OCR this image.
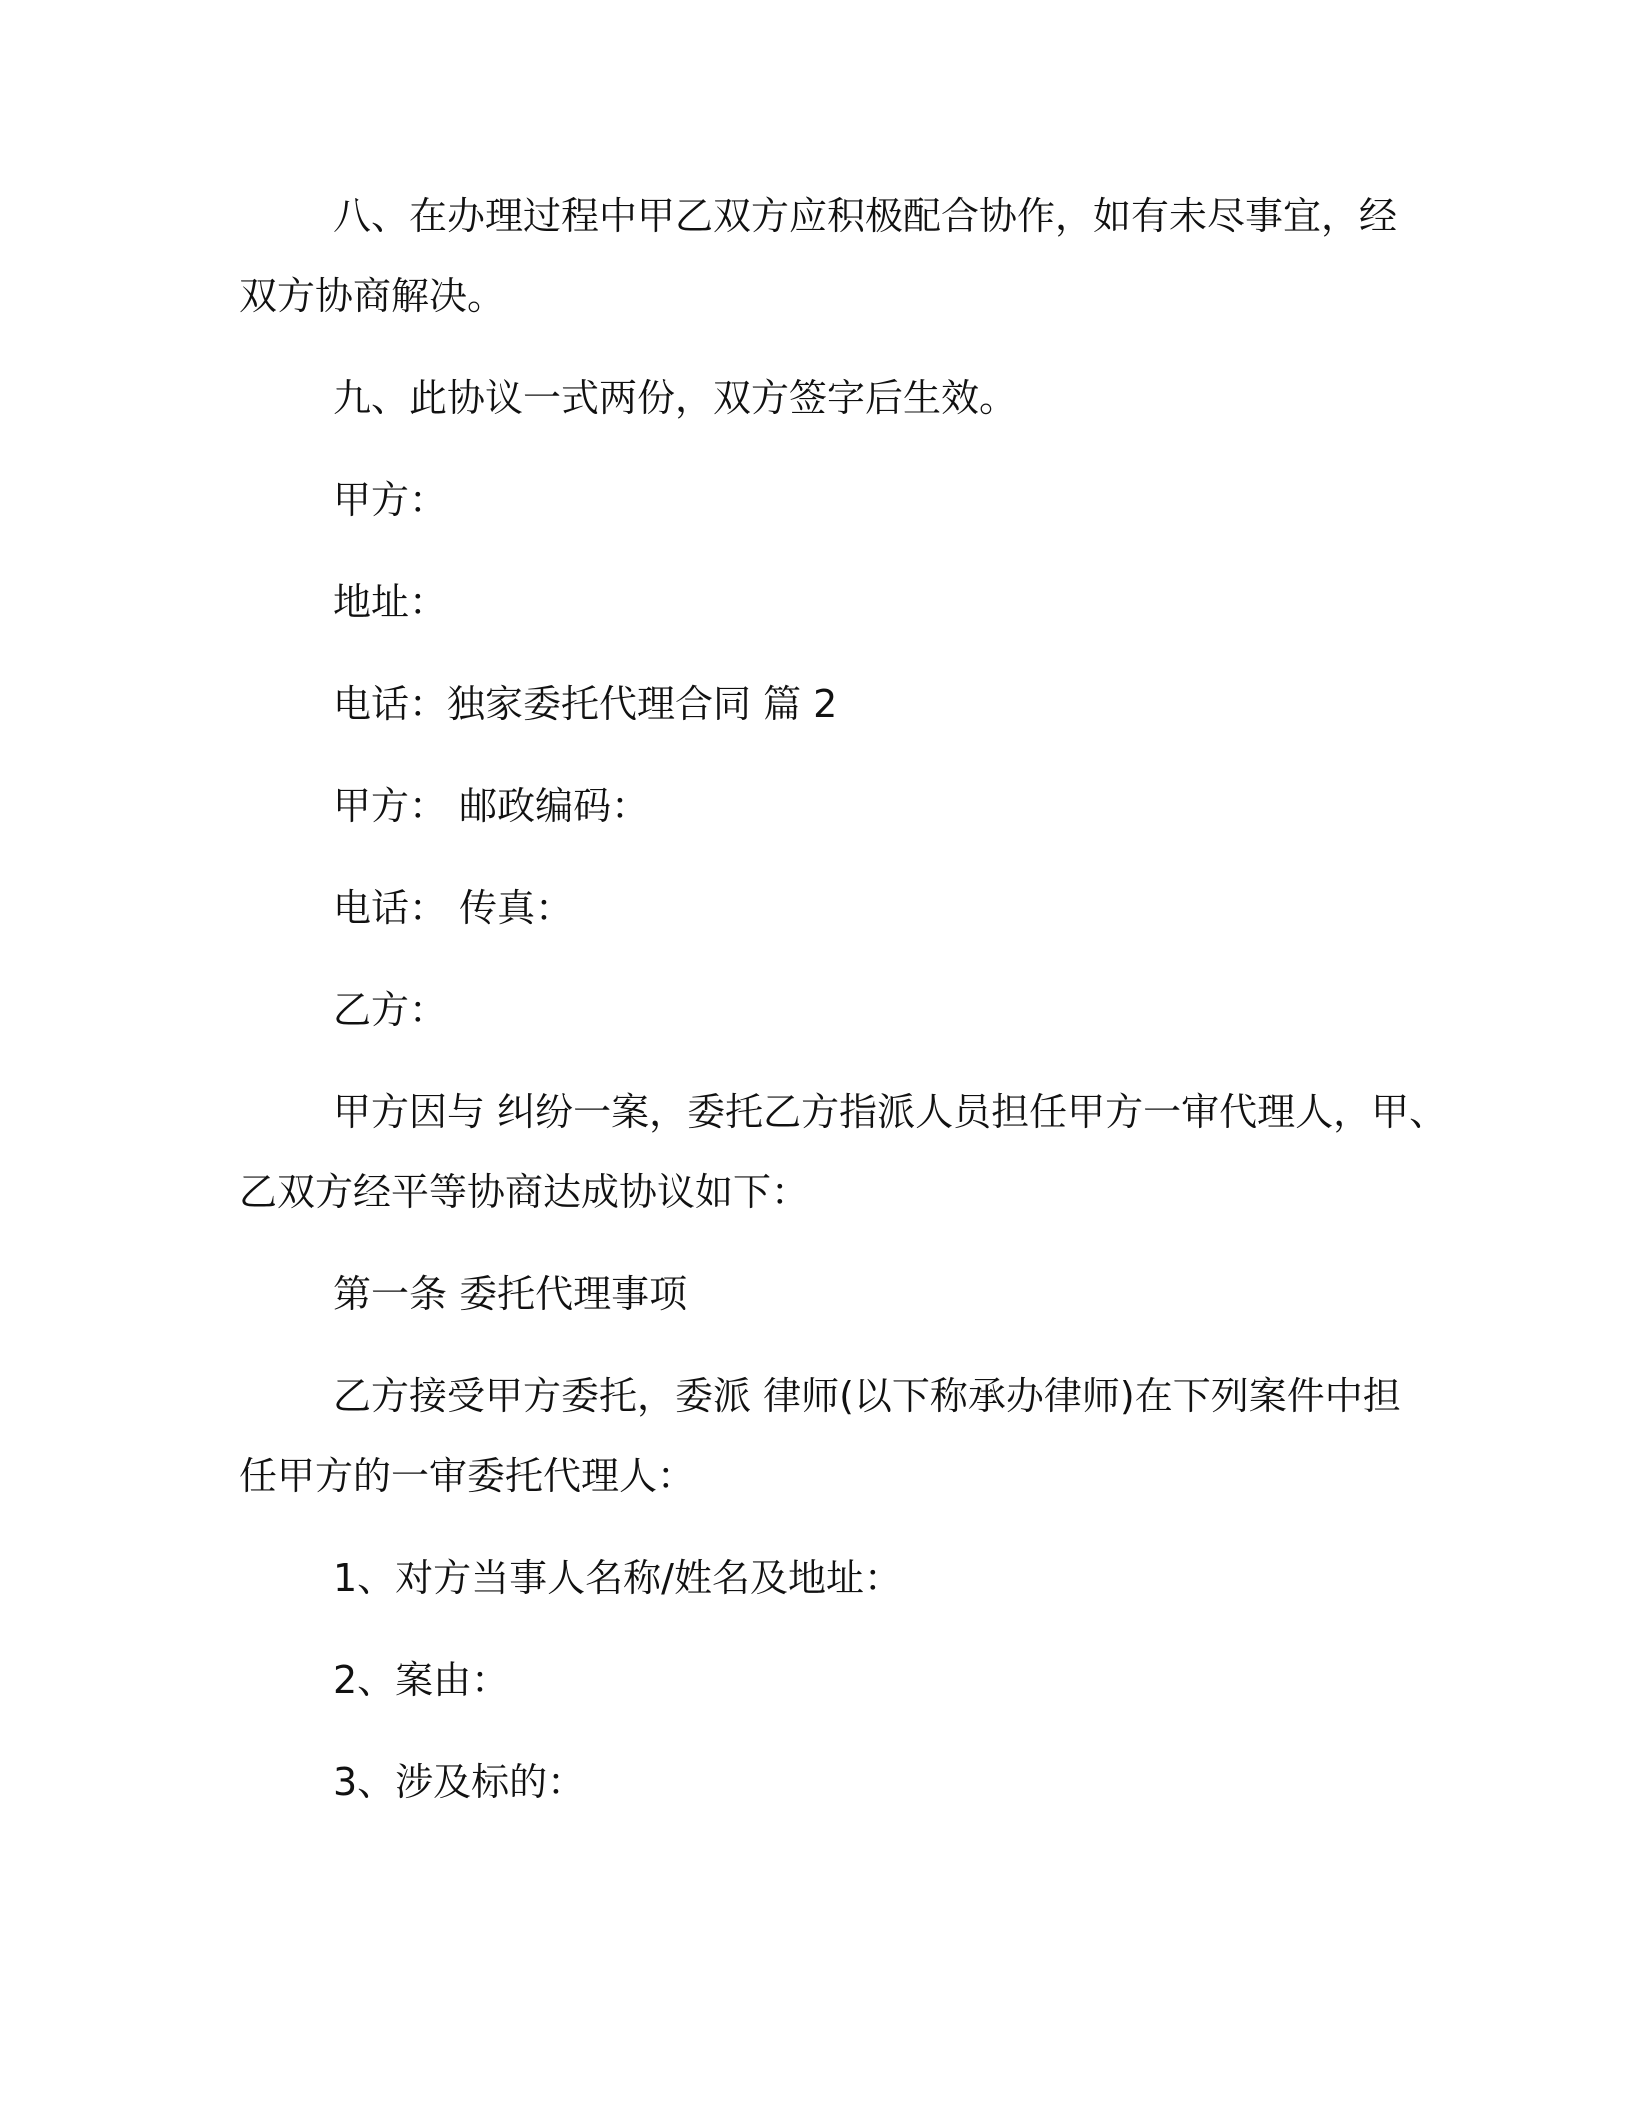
八、在办理过程中甲乙双方应积极配合协作，如有未尽事宜，经

双方协商解决。

九、此协议一式两份，双方签字后生效。

甲方：

地址：

电话：独家委托代理合同 篇 2

甲方： 邮政编码：

电话： 传真：

乙方：

甲方因与 纠纷一案，委托乙方指派人员担任甲方一审代理人，甲、

乙双方经平等协商达成协议如下：

第一条 委托代理事项

乙方接受甲方委托，委派 律师(以下称承办律师)在下列案件中担

任甲方的一审委托代理人：

1、对方当事人名称/姓名及地址：

2、案由：

3、涉及标的：
